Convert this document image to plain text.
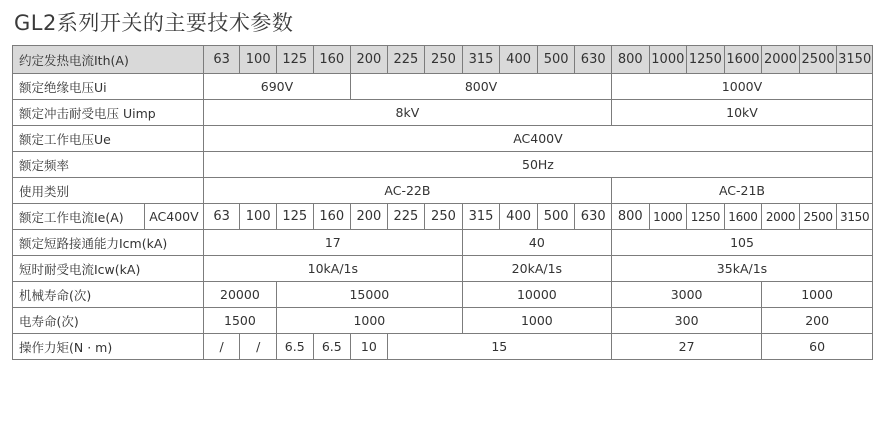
GL2系列开关的主要技术参数
约定发热电流Ith(A)		63	100	125	160	200	225	250	315	400	500	630	800	1000	1250	1600	2000	2500	3150
额定绝缘电压Ui		690V				800V							1000V						
额定冲击耐受电压 Uimp		8kV											10kV						
额定工作电压Ue		AC400V																	
额定频率		50Hz																	
使用类别		AC-22B											AC-21B						
额定工作电流Ie(A)	AC400V	63	100	125	160	200	225	250	315	400	500	630	800	1000	1250	1600	2000	2500	3150
额定短路接通能力Icm(kA)		17							40				105						
短时耐受电流Icw(kA)		10kA/1s							20kA/1s				35kA/1s						
机械寿命(次)		20000		15000					10000				3000				1000		
电寿命(次)		1500		1000					1000				300				200		
操作力矩(N · m)		/	/	6.5	6.5	10	15						27				60		
